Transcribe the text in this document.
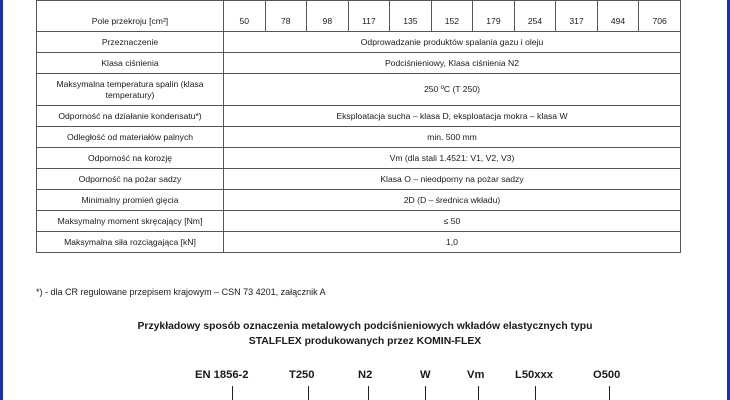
Pole przekroju [cm²]	50	78	98	117	135	152	179	254	317	494	706
Przeznaczenie	Odprowadzanie produktów spalania gazu i oleju										
Klasa ciśnienia	Podciśnieniowy, Klasa ciśnienia N2										
Maksymalna temperatura spalin (klasa temperatury)	250 ºC (T 250)										
Odporność na działanie kondensatu*)	Eksploatacja sucha – klasa D, eksploatacja mokra – klasa W										
Odległość od materiałów palnych	min. 500 mm										
Odporność na korozję	Vm (dla stali 1.4521: V1, V2, V3)										
Odporność na pożar sadzy	Klasa O – nieodporny na pożar sadzy										
Minimalny promień gięcia	2D (D – średnica wkładu)										
Maksymalny moment skręcający [Nm]	≤ 50										
Maksymalna siła rozciągająca [kN]	1,0										
*) - dla CR regulowane przepisem krajowym – CSN 73 4201, załącznik A
Przykładowy sposób oznaczenia metalowych podciśnieniowych wkładów elastycznych typu
STALFLEX produkowanych przez KOMIN-FLEX
EN 1856-2	T250	N2	W	Vm	L50xxx	O500
